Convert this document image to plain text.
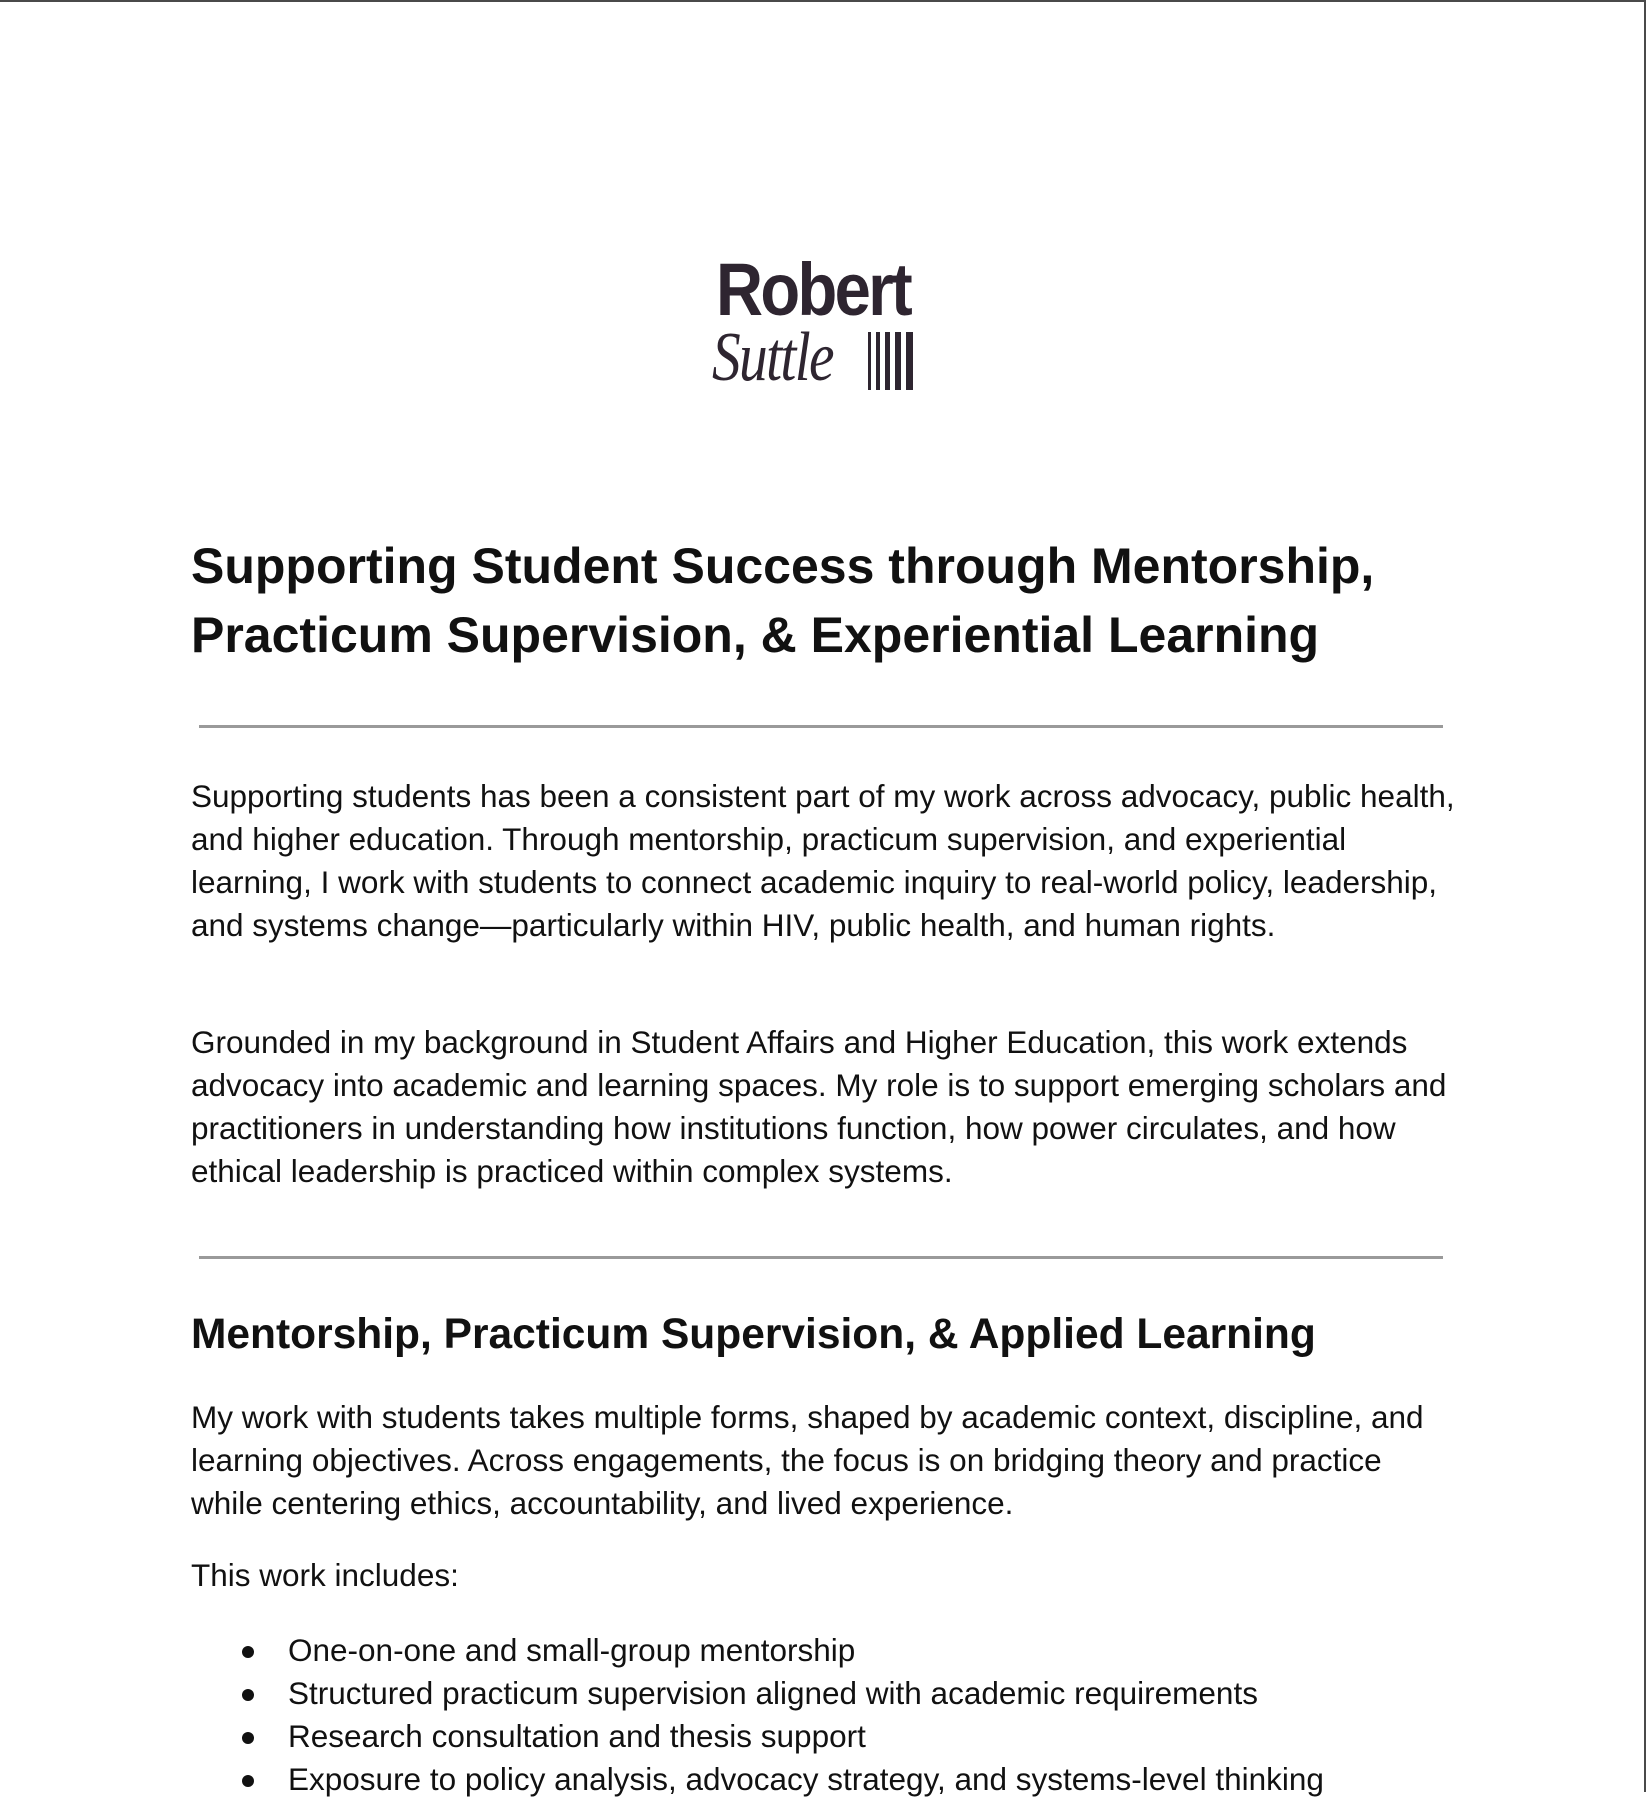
Robert
Suttle
Supporting Student Success through Mentorship, Practicum Supervision, & Experiential Learning

Supporting students has been a consistent part of my work across advocacy, public health, and higher education. Through mentorship, practicum supervision, and experiential learning, I work with students to connect academic inquiry to real-world policy, leadership, and systems change—particularly within HIV, public health, and human rights.

Grounded in my background in Student Affairs and Higher Education, this work extends advocacy into academic and learning spaces. My role is to support emerging scholars and practitioners in understanding how institutions function, how power circulates, and how ethical leadership is practiced within complex systems.

Mentorship, Practicum Supervision, & Applied Learning

My work with students takes multiple forms, shaped by academic context, discipline, and learning objectives. Across engagements, the focus is on bridging theory and practice while centering ethics, accountability, and lived experience.

This work includes:

One-on-one and small-group mentorship
Structured practicum supervision aligned with academic requirements
Research consultation and thesis support
Exposure to policy analysis, advocacy strategy, and systems-level thinking
